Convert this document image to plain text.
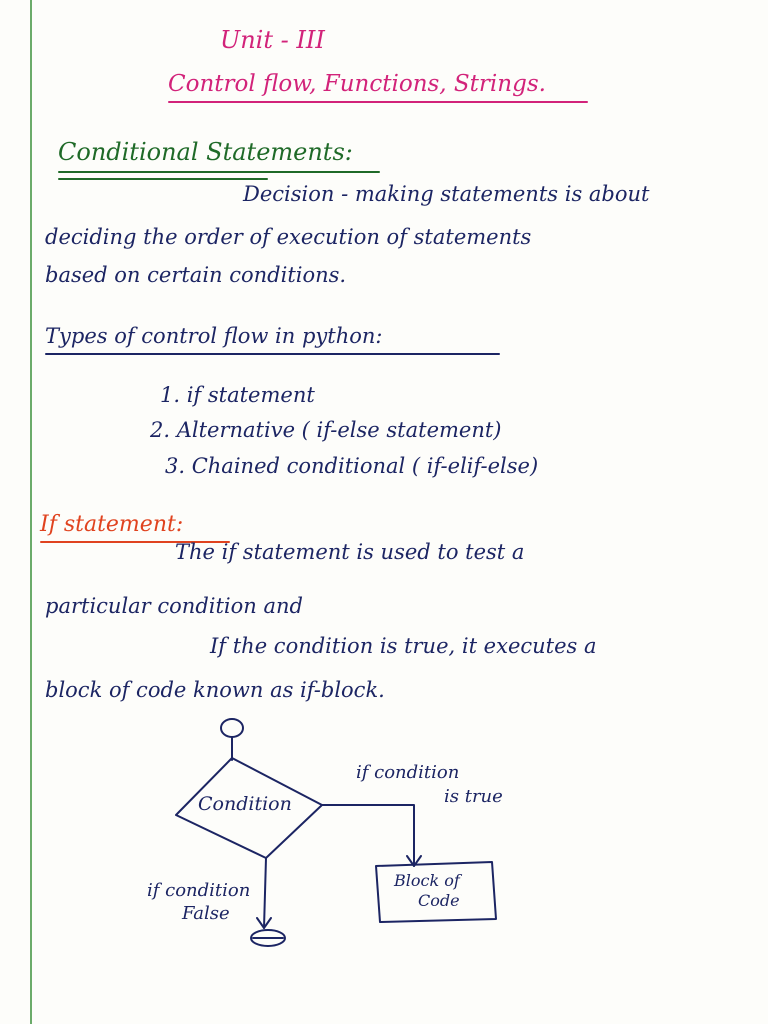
Unit - III
Control flow, Functions, Strings.
Conditional Statements:
Decision - making statements is about
deciding the order of execution of statements
based on certain conditions.
Types of control flow in python:
1. if statement
2. Alternative ( if-else statement)
3. Chained conditional ( if-elif-else)
If statement:
The if statement is used to test a
particular condition and
If the condition is true, it executes a
block of code known as if-block.
Condition
if condition
is true
if condition
False
Block of
Code
